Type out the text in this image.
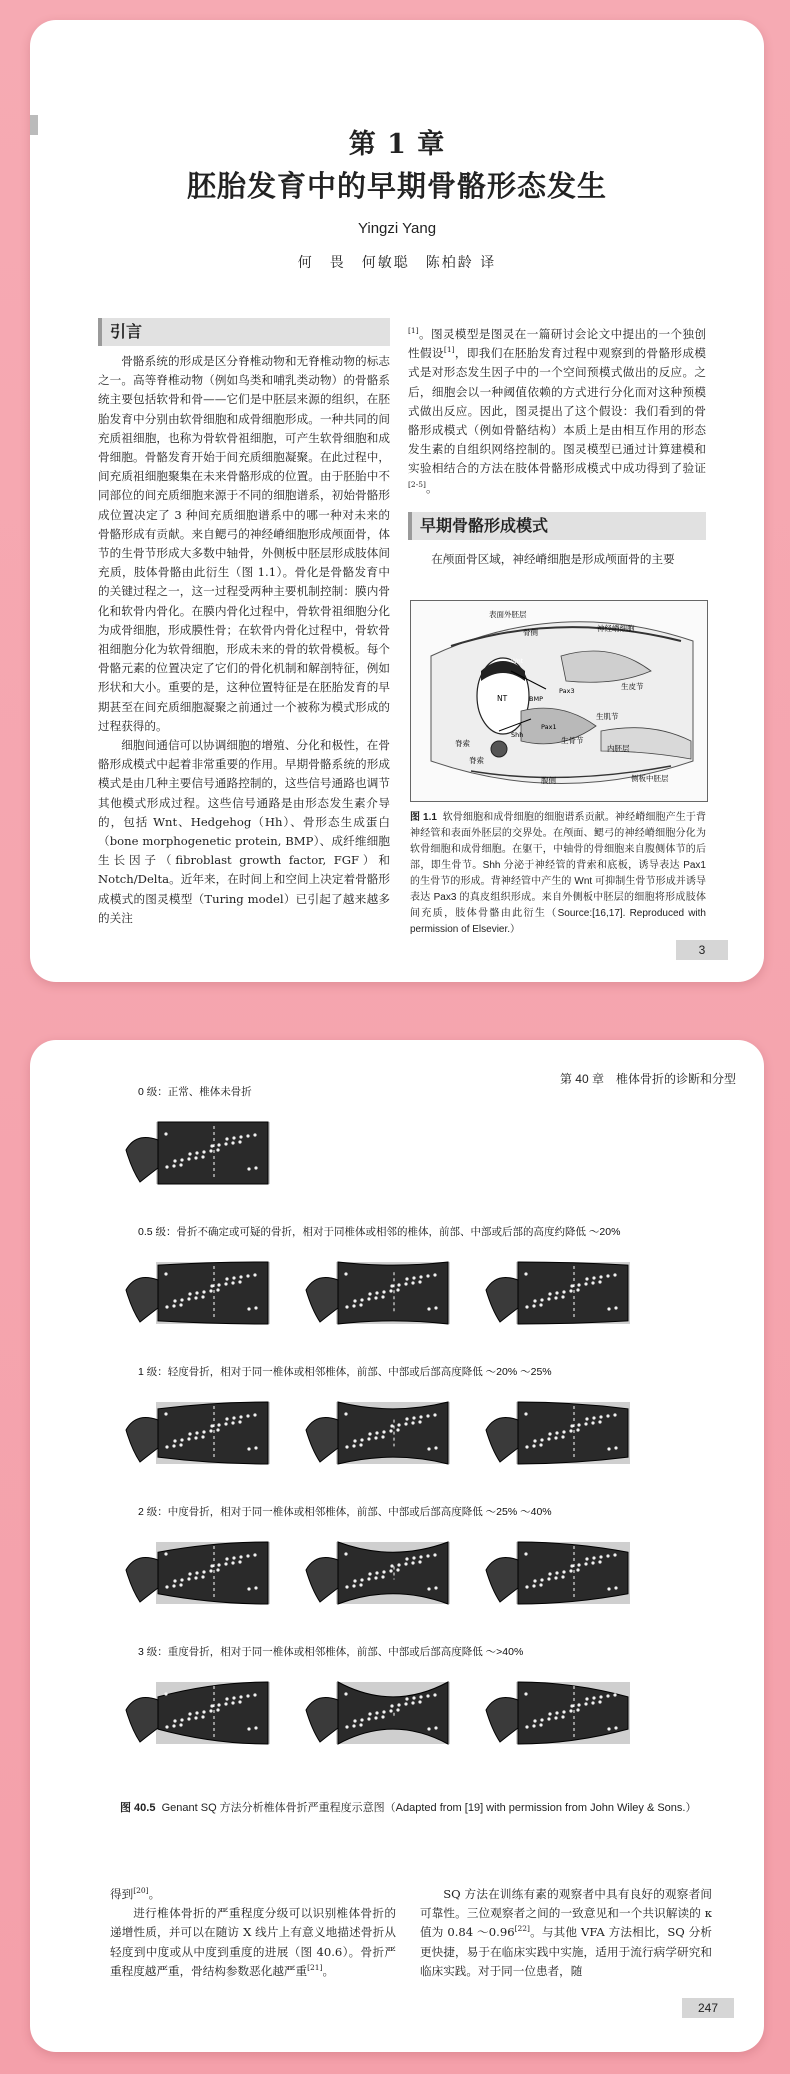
第 1 章
胚胎发育中的早期骨骼形态发生
Yingzi Yang
何　畏　何敏聪　陈柏龄 译
引言

骨骼系统的形成是区分脊椎动物和无脊椎动物的标志之一。高等脊椎动物（例如鸟类和哺乳类动物）的骨骼系统主要包括软骨和骨——它们是中胚层来源的组织，在胚胎发育中分别由软骨细胞和成骨细胞形成。一种共同的间充质祖细胞，也称为骨软骨祖细胞，可产生软骨细胞和成骨细胞。骨骼发育开始于间充质细胞凝聚。在此过程中，间充质祖细胞聚集在未来骨骼形成的位置。由于胚胎中不同部位的间充质细胞来源于不同的细胞谱系，初始骨骼形成位置决定了 3 种间充质细胞谱系中的哪一种对未来的骨骼形成有贡献。来自鳃弓的神经嵴细胞形成颅面骨，体节的生骨节形成大多数中轴骨，外侧板中胚层形成肢体间充质，肢体骨骼由此衍生（图 1.1）。骨化是骨骼发育中的关键过程之一，这一过程受两种主要机制控制：膜内骨化和软骨内骨化。在膜内骨化过程中，骨软骨祖细胞分化为成骨细胞，形成膜性骨；在软骨内骨化过程中，骨软骨祖细胞分化为软骨细胞，形成未来的骨的软骨模板。每个骨骼元素的位置决定了它们的骨化机制和解剖特征，例如形状和大小。重要的是，这种位置特征是在胚胎发育的早期甚至在间充质细胞凝聚之前通过一个被称为模式形成的过程获得的。

细胞间通信可以协调细胞的增殖、分化和极性，在骨骼形成模式中起着非常重要的作用。早期骨骼系统的形成模式是由几种主要信号通路控制的，这些信号通路也调节其他模式形成过程。这些信号通路是由形态发生素介导的，包括 Wnt、Hedgehog（Hh）、骨形态生成蛋白（bone morphogenetic protein, BMP）、成纤维细胞生长因子（fibroblast growth factor, FGF）和 Notch/Delta。近年来，在时间上和空间上决定着骨骼形成模式的图灵模型（Turing model）已引起了越来越多的关注

[1]。图灵模型是图灵在一篇研讨会论文中提出的一个独创性假设[1]，即我们在胚胎发育过程中观察到的骨骼形成模式是对形态发生因子中的一个空间预模式做出的反应。之后，细胞会以一种阈值依赖的方式进行分化而对这种预模式做出反应。因此，图灵提出了这个假设：我们看到的骨骼形成模式（例如骨骼结构）本质上是由相互作用的形态发生素的自组织网络控制的。图灵模型已通过计算建模和实验相结合的方法在肢体骨骼形成模式中成功得到了验证[2-5]。

早期骨骼形成模式

在颅面骨区域，神经嵴细胞是形成颅面骨的主要

表面外胚层
骨侧	神经嵴细胞
生皮节
Wnt
NT
Pax3
BMP
Shh
Pax1
生肌节
生骨节
脊索
内胚层
侧板中胚层
腹侧
脊索
图 1.1 软骨细胞和成骨细胞的细胞谱系贡献。神经嵴细胞产生于背神经管和表面外胚层的交界处。在颅面、鳃弓的神经嵴细胞分化为软骨细胞和成骨细胞。在躯干，中轴骨的骨细胞来自腹侧体节的后部，即生骨节。Shh 分泌于神经管的背索和底板，诱导表达 Pax1 的生骨节的形成。背神经管中产生的 Wnt 可抑制生骨节形成并诱导表达 Pax3 的真皮组织形成。来自外侧板中胚层的细胞将形成肢体间充质，肢体骨骼由此衍生（Source:[16,17]. Reproduced with permission of Elsevier.）
3
第 40 章　椎体骨折的诊断和分型
图 40.5 Genant SQ 方法分析椎体骨折严重程度示意图（Adapted from [19] with permission from John Wiley & Sons.）

得到[20]。

进行椎体骨折的严重程度分级可以识别椎体骨折的递增性质，并可以在随访 X 线片上有意义地描述骨折从轻度到中度或从中度到重度的进展（图 40.6）。骨折严重程度越严重，骨结构参数恶化越严重[21]。

SQ 方法在训练有素的观察者中具有良好的观察者间可靠性。三位观察者之间的一致意见和一个共识解读的 κ 值为 0.84 ～0.96[22]。与其他 VFA 方法相比，SQ 分析更快捷，易于在临床实践中实施，适用于流行病学研究和临床实践。对于同一位患者，随

247
0 级：正常、椎体未骨折
0.5 级：骨折不确定或可疑的骨折，相对于同椎体或相邻的椎体，前部、中部或后部的高度约降低 ～20%
1 级：轻度骨折，相对于同一椎体或相邻椎体，前部、中部或后部高度降低 ～20% ～25%
2 级：中度骨折，相对于同一椎体或相邻椎体，前部、中部或后部高度降低 ～25% ～40%
3 级：重度骨折，相对于同一椎体或相邻椎体，前部、中部或后部高度降低 ～>40%
